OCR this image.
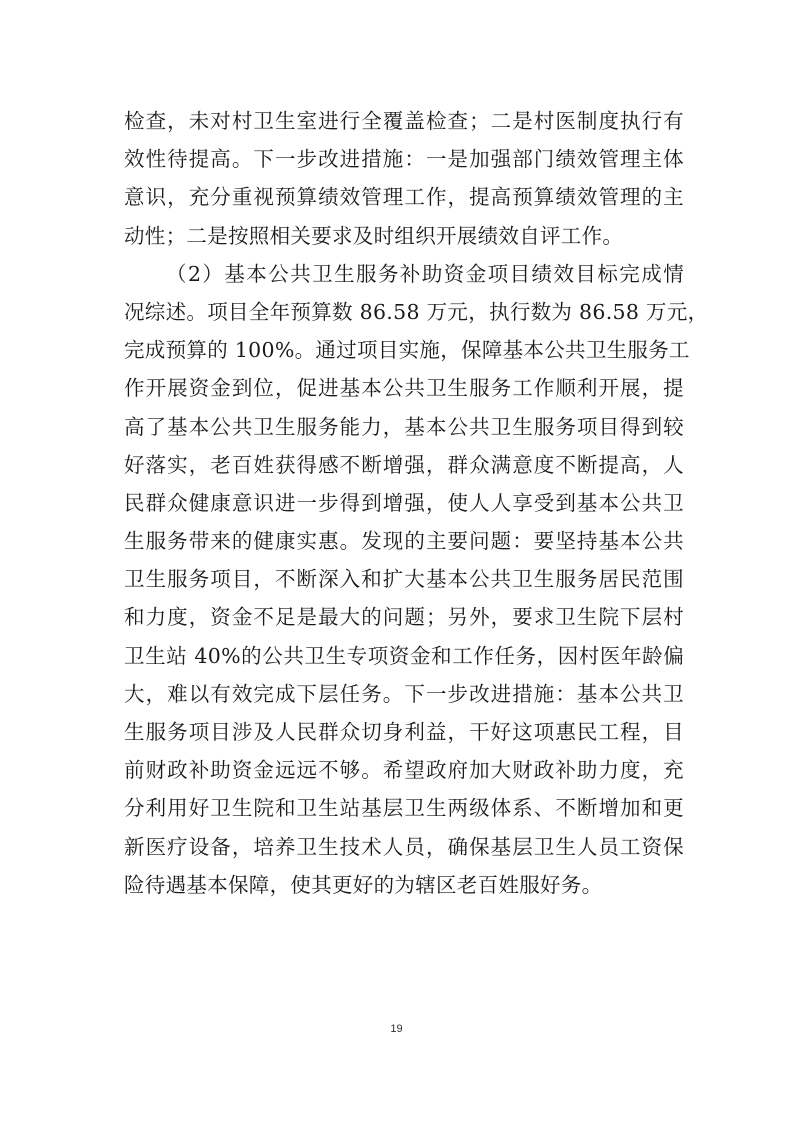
检查，未对村卫生室进行全覆盖检查；二是村医制度执行有
效性待提高。下一步改进措施：一是加强部门绩效管理主体
意识，充分重视预算绩效管理工作，提高预算绩效管理的主
动性；二是按照相关要求及时组织开展绩效自评工作。
（2）基本公共卫生服务补助资金项目绩效目标完成情
况综述。项目全年预算数 86.58 万元，执行数为 86.58 万元，
完成预算的 100%。通过项目实施，保障基本公共卫生服务工
作开展资金到位，促进基本公共卫生服务工作顺利开展，提
高了基本公共卫生服务能力，基本公共卫生服务项目得到较
好落实，老百姓获得感不断增强，群众满意度不断提高，人
民群众健康意识进一步得到增强，使人人享受到基本公共卫
生服务带来的健康实惠。发现的主要问题：要坚持基本公共
卫生服务项目，不断深入和扩大基本公共卫生服务居民范围
和力度，资金不足是最大的问题；另外，要求卫生院下层村
卫生站 40%的公共卫生专项资金和工作任务，因村医年龄偏
大，难以有效完成下层任务。下一步改进措施：基本公共卫
生服务项目涉及人民群众切身利益，干好这项惠民工程，目
前财政补助资金远远不够。希望政府加大财政补助力度，充
分利用好卫生院和卫生站基层卫生两级体系、不断增加和更
新医疗设备，培养卫生技术人员，确保基层卫生人员工资保
险待遇基本保障，使其更好的为辖区老百姓服好务。
19
